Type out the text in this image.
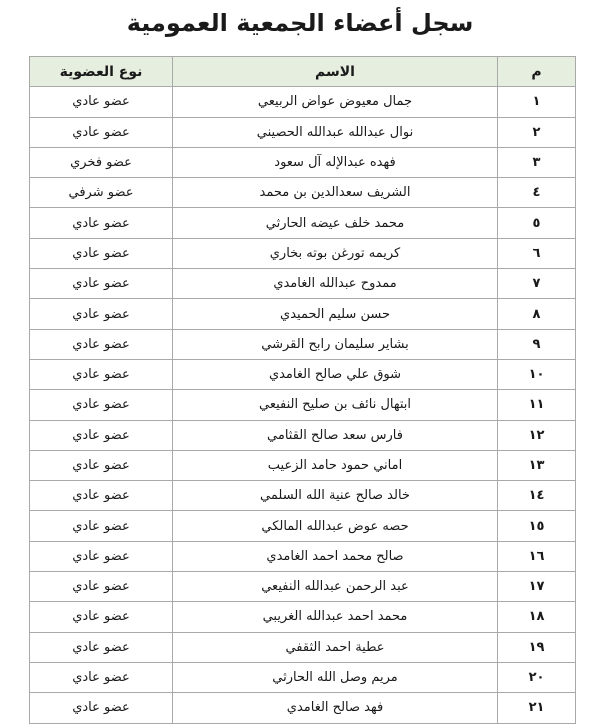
سجل أعضاء الجمعية العمومية
م	الاسم	نوع العضوية
١	جمال معيوض عواض الربيعي	عضو عادي
٢	نوال عبدالله عبدالله الحصيني	عضو عادي
٣	فهده عبدالإله آل سعود	عضو فخري
٤	الشريف سعدالدين بن محمد	عضو شرفي
٥	محمد خلف عيضه الحارثي	عضو عادي
٦	كريمه تورغن بوته بخاري	عضو عادي
٧	ممدوح عبدالله الغامدي	عضو عادي
٨	حسن سليم الحميدي	عضو عادي
٩	بشاير سليمان رابح القرشي	عضو عادي
١٠	شوق علي صالح الغامدي	عضو عادي
١١	ابتهال نائف بن صليح النفيعي	عضو عادي
١٢	فارس سعد صالح القثامي	عضو عادي
١٣	اماني حمود حامد الزعيب	عضو عادي
١٤	خالد صالح عنية الله السلمي	عضو عادي
١٥	حصه عوض عبدالله المالكي	عضو عادي
١٦	صالح محمد احمد الغامدي	عضو عادي
١٧	عبد الرحمن عبدالله النفيعي	عضو عادي
١٨	محمد احمد عبدالله الغريبي	عضو عادي
١٩	عطية احمد الثقفي	عضو عادي
٢٠	مريم وصل الله الحارثي	عضو عادي
٢١	فهد صالح الغامدي	عضو عادي
